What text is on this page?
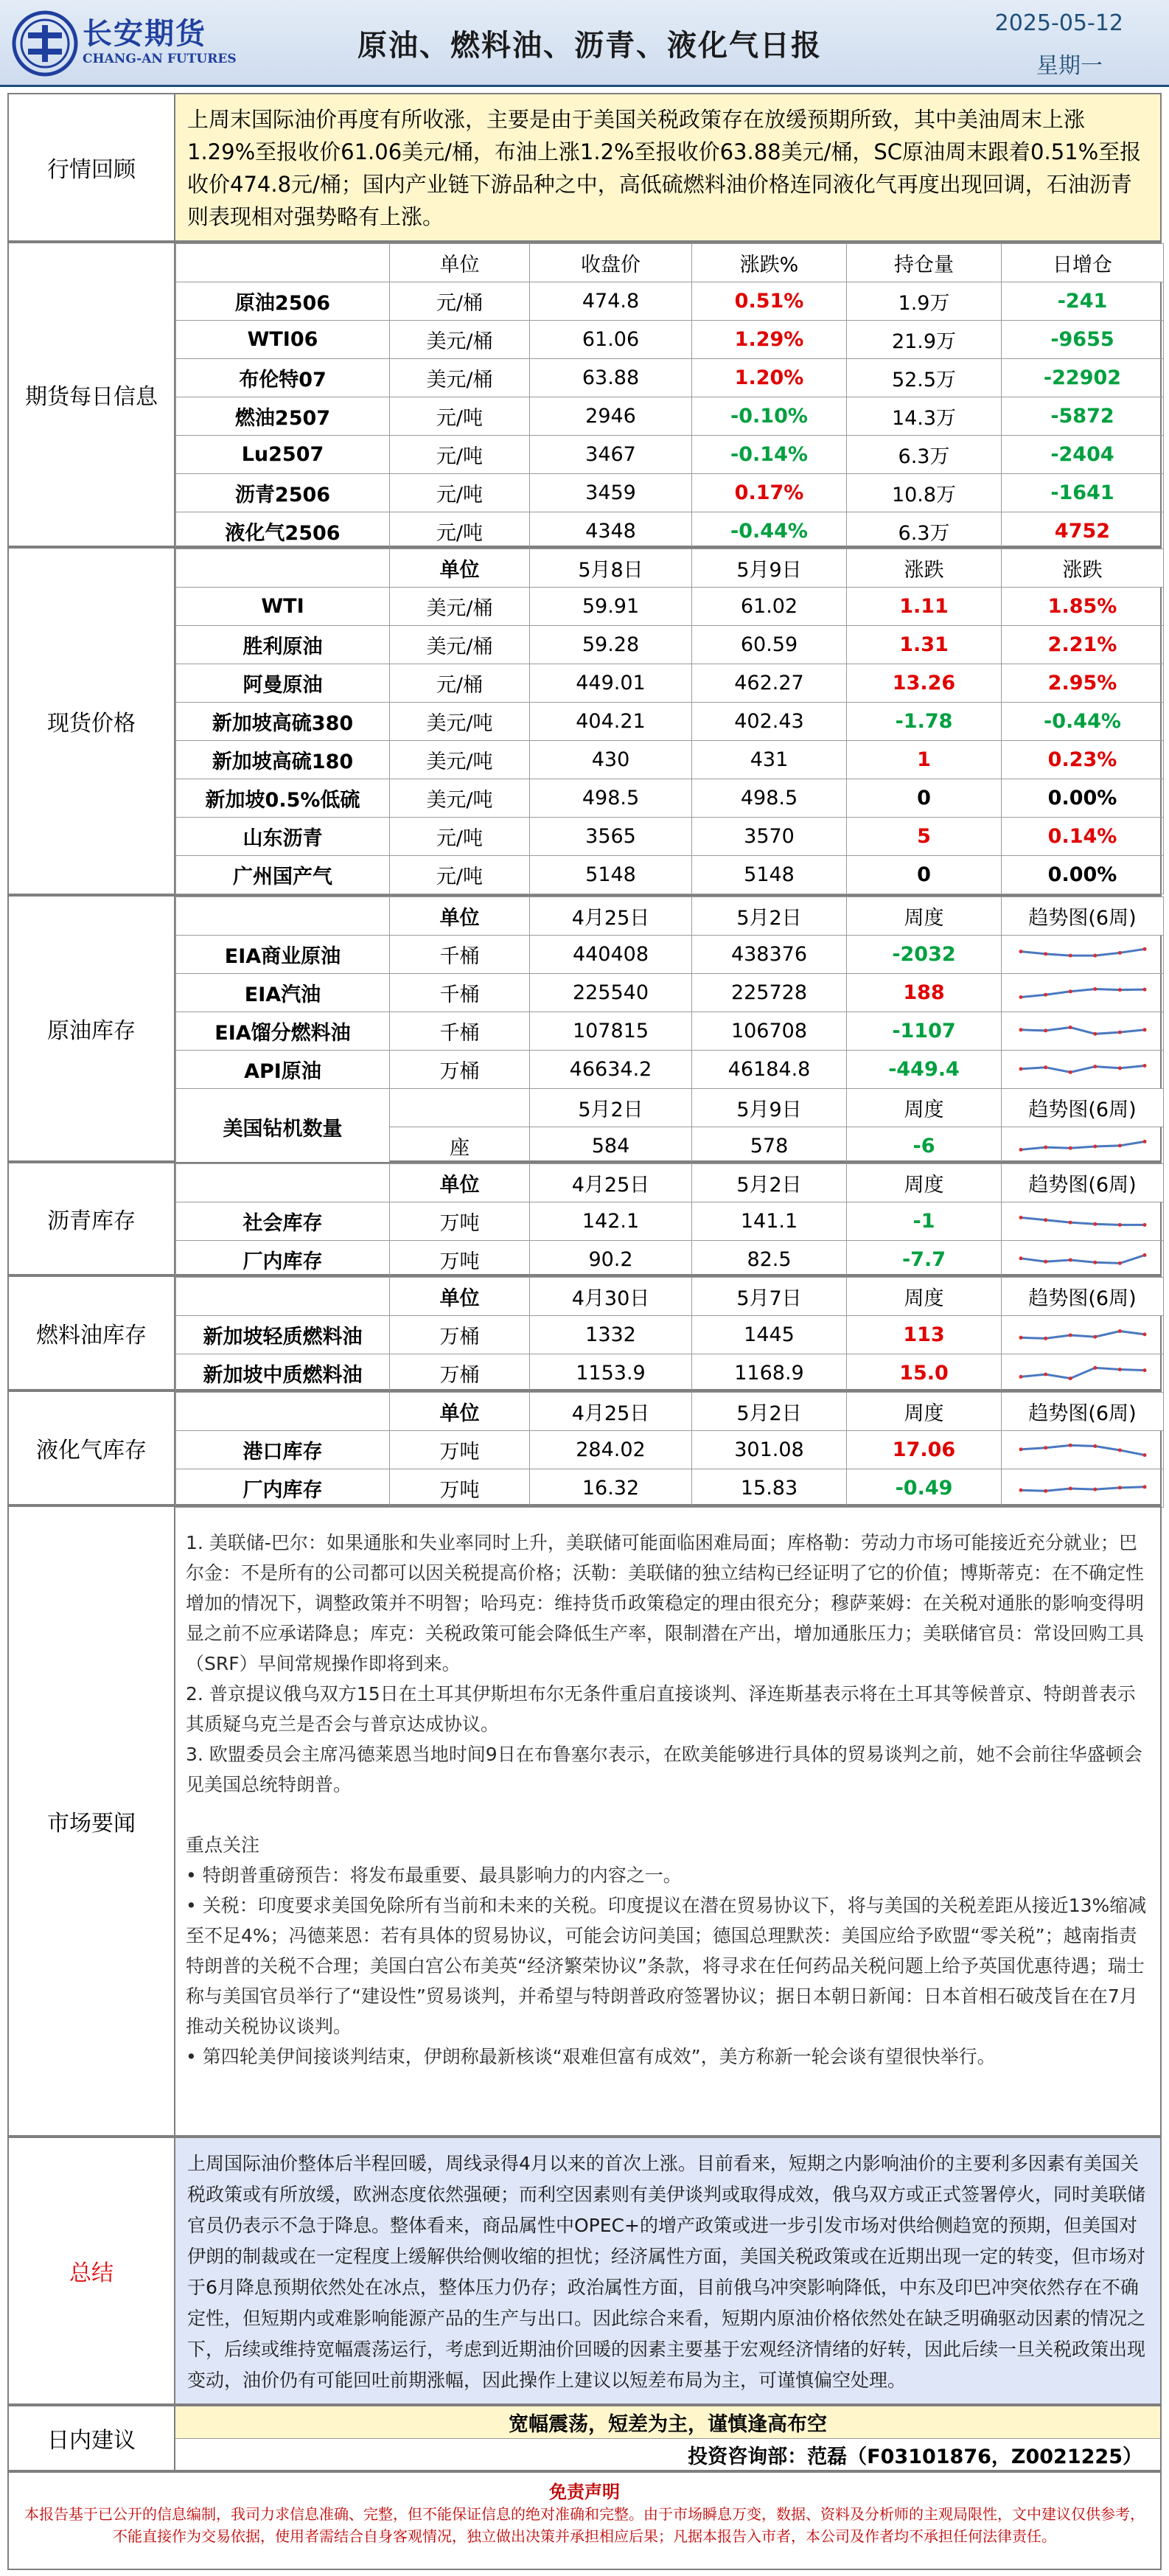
长安期货
CHANG-AN FUTURES	原油、燃料油、沥青、液化气日报
2025-05-12
星期一
行情回顾
上周末国际油价再度有所收涨，主要是由于美国关税政策存在放缓预期所致，其中美油周末上涨1.29%至报收价61.06美元/桶，布油上涨1.2%至报收价63.88美元/桶，SC原油周末跟着0.51%至报收价474.8元/桶；国内产业链下游品种之中，高低硫燃料油价格连同液化气再度出现回调，石油沥青则表现相对强势略有上涨。
期货每日信息
	单位	收盘价	涨跌%	持仓量	日增仓
原油2506	元/桶	474.8	0.51%	1.9万	-241
WTI06	美元/桶	61.06	1.29%	21.9万	-9655
布伦特07	美元/桶	63.88	1.20%	52.5万	-22902
燃油2507	元/吨	2946	-0.10%	14.3万	-5872
Lu2507	元/吨	3467	-0.14%	6.3万	-2404
沥青2506	元/吨	3459	0.17%	10.8万	-1641
液化气2506	元/吨	4348	-0.44%	6.3万	4752
现货价格
	单位	5月8日	5月9日	涨跌	涨跌
WTI	美元/桶	59.91	61.02	1.11	1.85%
胜利原油	美元/桶	59.28	60.59	1.31	2.21%
阿曼原油	元/桶	449.01	462.27	13.26	2.95%
新加坡高硫380	美元/吨	404.21	402.43	-1.78	-0.44%
新加坡高硫180	美元/吨	430	431	1	0.23%
新加坡0.5%低硫	美元/吨	498.5	498.5	0	0.00%
山东沥青	元/吨	3565	3570	5	0.14%
广州国产气	元/吨	5148	5148	0	0.00%
原油库存
	单位	4月25日	5月2日	周度	趋势图(6周)
EIA商业原油	千桶	440408	438376	-2032	

EIA汽油	千桶	225540	225728	188	

EIA馏分燃料油	千桶	107815	106708	-1107	

API原油	万桶	46634.2	46184.8	-449.4	

美国钻机数量		5月2日	5月9日	周度	趋势图(6周)
	座	584	578	-6	
沥青库存
	单位	4月25日	5月2日	周度	趋势图(6周)
社会库存	万吨	142.1	141.1	-1	

厂内库存	万吨	90.2	82.5	-7.7	
燃料油库存
	单位	4月30日	5月7日	周度	趋势图(6周)
新加坡轻质燃料油	万桶	1332	1445	113	

新加坡中质燃料油	万桶	1153.9	1168.9	15.0	
液化气库存
	单位	4月25日	5月2日	周度	趋势图(6周)
港口库存	万吨	284.02	301.08	17.06	

厂内库存	万吨	16.32	15.83	-0.49	
市场要闻

1. 美联储-巴尔：如果通胀和失业率同时上升，美联储可能面临困难局面；库格勒：劳动力市场可能接近充分就业；巴尔金：不是所有的公司都可以因关税提高价格；沃勒：美联储的独立结构已经证明了它的价值；博斯蒂克：在不确定性增加的情况下，调整政策并不明智；哈玛克：维持货币政策稳定的理由很充分；穆萨莱姆：在关税对通胀的影响变得明显之前不应承诺降息；库克：关税政策可能会降低生产率，限制潜在产出，增加通胀压力；美联储官员：常设回购工具（SRF）早间常规操作即将到来。

2. 普京提议俄乌双方15日在土耳其伊斯坦布尔无条件重启直接谈判、泽连斯基表示将在土耳其等候普京、特朗普表示其质疑乌克兰是否会与普京达成协议。

3. 欧盟委员会主席冯德莱恩当地时间9日在布鲁塞尔表示，在欧美能够进行具体的贸易谈判之前，她不会前往华盛顿会见美国总统特朗普。

重点关注

• 特朗普重磅预告：将发布最重要、最具影响力的内容之一。

• 关税：印度要求美国免除所有当前和未来的关税。印度提议在潜在贸易协议下，将与美国的关税差距从接近13%缩减至不足4%；冯德莱恩：若有具体的贸易协议，可能会访问美国；德国总理默茨：美国应给予欧盟“零关税”；越南指责特朗普的关税不合理；美国白宫公布美英“经济繁荣协议”条款，将寻求在任何药品关税问题上给予英国优惠待遇；瑞士称与美国官员举行了“建设性”贸易谈判，并希望与特朗普政府签署协议；据日本朝日新闻：日本首相石破茂旨在在7月推动关税协议谈判。

• 第四轮美伊间接谈判结束，伊朗称最新核谈“艰难但富有成效”，美方称新一轮会谈有望很快举行。

总结
上周国际油价整体后半程回暖，周线录得4月以来的首次上涨。目前看来，短期之内影响油价的主要利多因素有美国关税政策或有所放缓，欧洲态度依然强硬；而利空因素则有美伊谈判或取得成效，俄乌双方或正式签署停火，同时美联储官员仍表示不急于降息。整体看来，商品属性中OPEC+的增产政策或进一步引发市场对供给侧趋宽的预期，但美国对伊朗的制裁或在一定程度上缓解供给侧收缩的担忧；经济属性方面，美国关税政策或在近期出现一定的转变，但市场对于6月降息预期依然处在冰点，整体压力仍存；政治属性方面，目前俄乌冲突影响降低，中东及印巴冲突依然存在不确定性，但短期内或难影响能源产品的生产与出口。因此综合来看，短期内原油价格依然处在缺乏明确驱动因素的情况之下，后续或维持宽幅震荡运行，考虑到近期油价回暖的因素主要基于宏观经济情绪的好转，因此后续一旦关税政策出现变动，油价仍有可能回吐前期涨幅，因此操作上建议以短差布局为主，可谨慎偏空处理。
日内建议
宽幅震荡，短差为主，谨慎逢高布空
投资咨询部：范磊（F03101876，Z0021225）
免责声明
本报告基于已公开的信息编制，我司力求信息准确、完整，但不能保证信息的绝对准确和完整。由于市场瞬息万变，数据、资料及分析师的主观局限性，文中建议仅供参考，不能直接作为交易依据，使用者需结合自身客观情况，独立做出决策并承担相应后果；凡据本报告入市者，本公司及作者均不承担任何法律责任。
